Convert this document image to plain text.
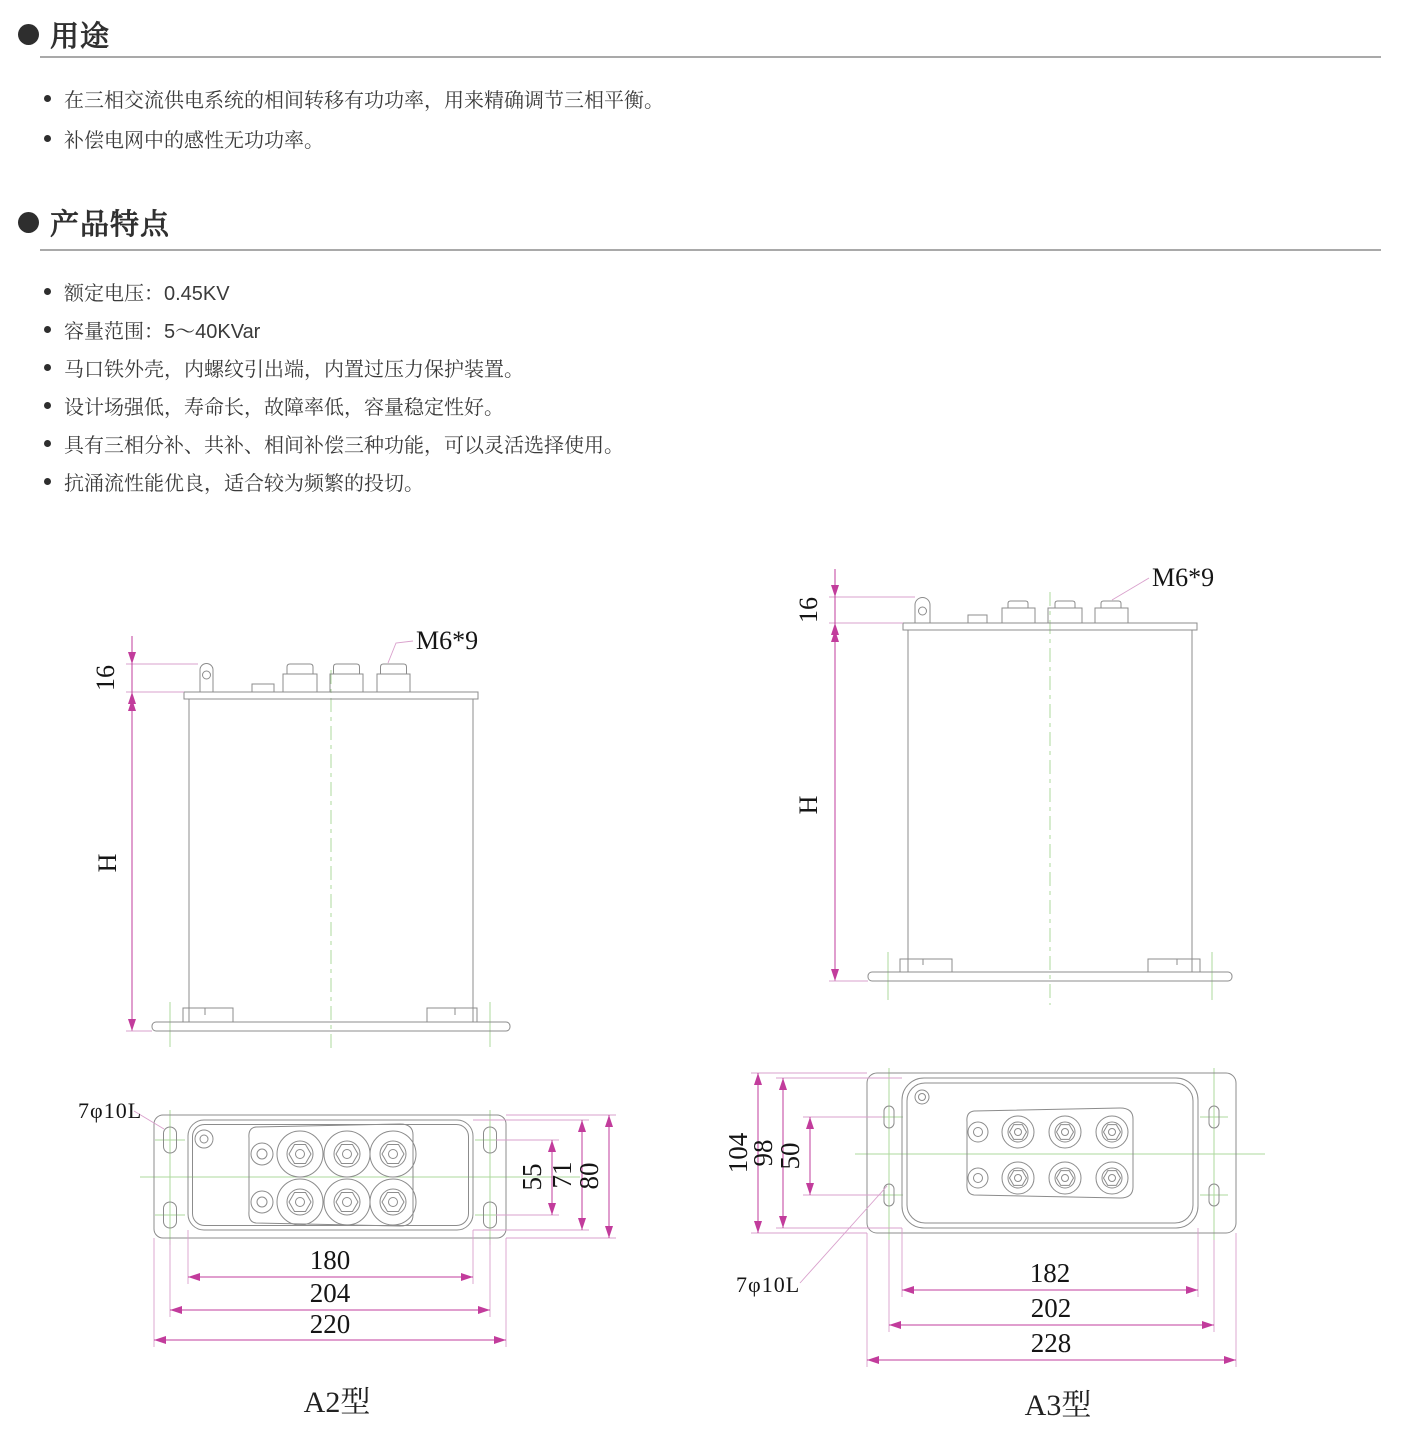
用途
在三相交流供电系统的相间转移有功功率，用来精确调节三相平衡。
补偿电网中的感性无功功率。
产品特点
额定电压：0.45KV
容量范围：5～40KVar
马口铁外壳，内螺纹引出端，内置过压力保护装置。
设计场强低，寿命长，故障率低，容量稳定性好。
具有三相分补、共补、相间补偿三种功能，可以灵活选择使用。
抗涌流性能优良，适合较为频繁的投切。
16
H
M6*9
55 71
80
180
204
220
7φ10L
A2型
16
H
M6*9
104
98
50
182
202
228
7φ10L
A3型
